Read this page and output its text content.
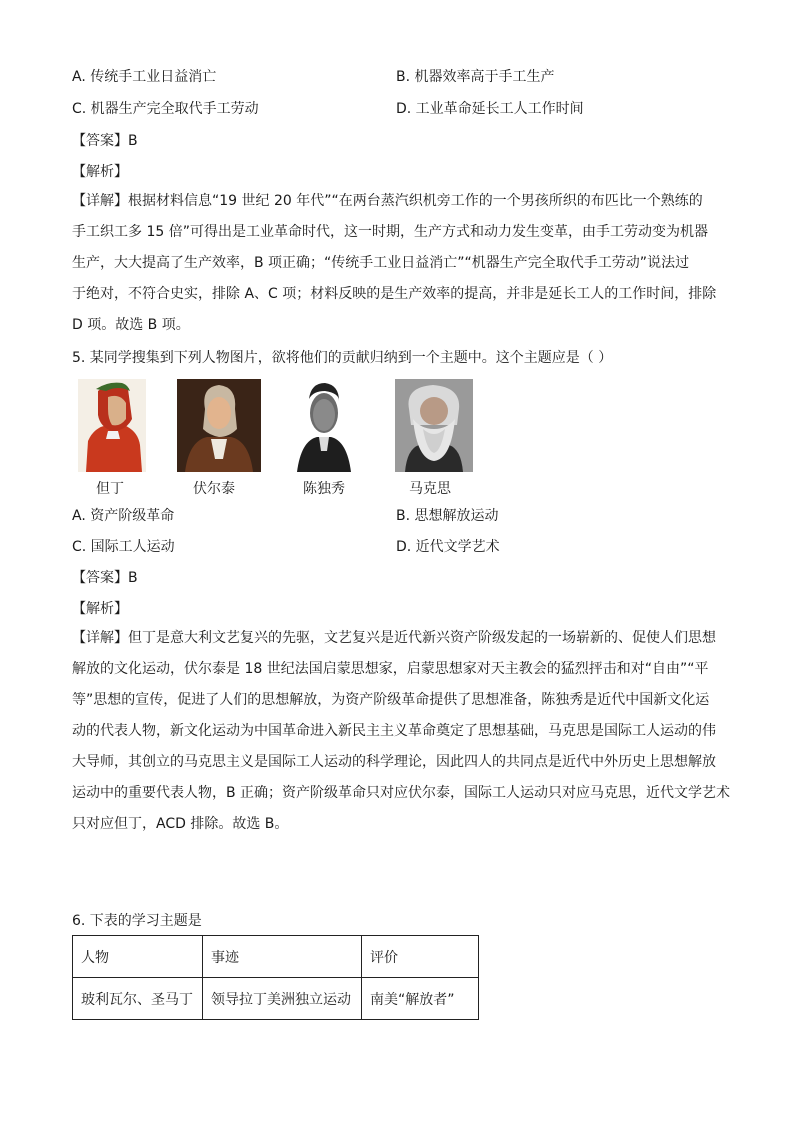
A. 传统手工业日益消亡	B. 机器效率高于手工生产
C. 机器生产完全取代手工劳动	D. 工业革命延长工人工作时间
【答案】B
【解析】
【详解】根据材料信息“19 世纪 20 年代”“在两台蒸汽织机旁工作的一个男孩所织的布匹比一个熟练的
手工织工多 15 倍”可得出是工业革命时代，这一时期，生产方式和动力发生变革，由手工劳动变为机器
生产，大大提高了生产效率，B 项正确；“传统手工业日益消亡”“机器生产完全取代手工劳动”说法过
于绝对，不符合史实，排除 A、C 项；材料反映的是生产效率的提高，并非是延长工人的工作时间，排除
D 项。故选 B 项。
5. 某同学搜集到下列人物图片，欲将他们的贡献归纳到一个主题中。这个主题应是（ ）
但丁	伏尔泰	陈独秀	马克思
A. 资产阶级革命	B. 思想解放运动
C. 国际工人运动	D. 近代文学艺术
【答案】B
【解析】
【详解】但丁是意大利文艺复兴的先驱，文艺复兴是近代新兴资产阶级发起的一场崭新的、促使人们思想
解放的文化运动，伏尔泰是 18 世纪法国启蒙思想家，启蒙思想家对天主教会的猛烈抨击和对“自由”“平
等”思想的宣传，促进了人们的思想解放，为资产阶级革命提供了思想准备，陈独秀是近代中国新文化运
动的代表人物，新文化运动为中国革命进入新民主主义革命奠定了思想基础，马克思是国际工人运动的伟
大导师，其创立的马克思主义是国际工人运动的科学理论，因此四人的共同点是近代中外历史上思想解放
运动中的重要代表人物，B 正确；资产阶级革命只对应伏尔泰，国际工人运动只对应马克思，近代文学艺术
只对应但丁，ACD 排除。故选 B。
6. 下表的学习主题是
人物	事迹	评价
玻利瓦尔、圣马丁	领导拉丁美洲独立运动	南美“解放者”
